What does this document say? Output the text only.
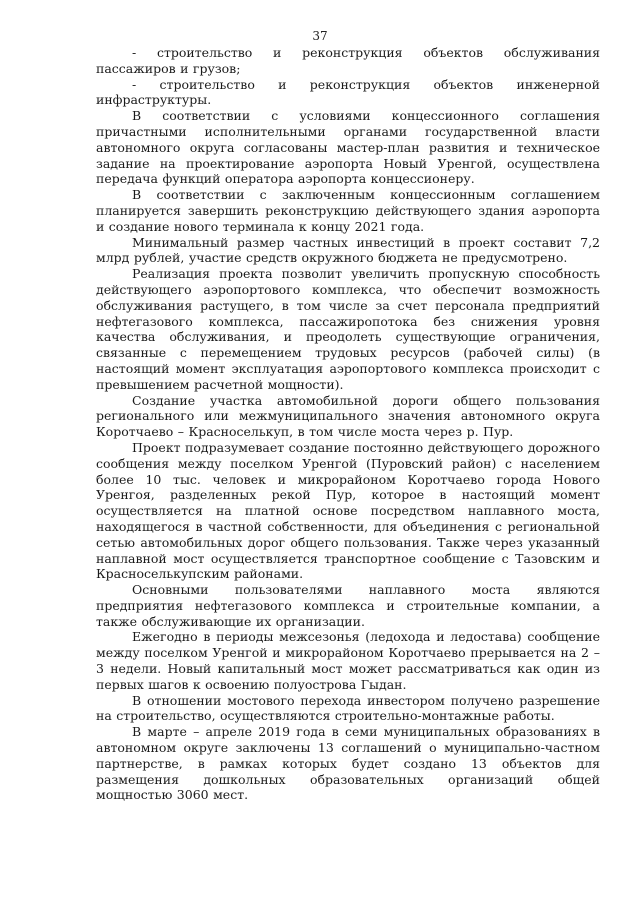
37

- строительство и реконструкция объектов обслуживания пассажиров и грузов;

- строительство и реконструкция объектов инженерной инфраструктуры.

В соответствии с условиями концессионного соглашения причастными исполнительными органами государственной власти автономного округа согласованы мастер-план развития и техническое задание на проектирование аэропорта Новый Уренгой, осуществлена передача функций оператора аэропорта концессионеру.

В соответствии с заключенным концессионным соглашением планируется завершить реконструкцию действующего здания аэропорта и создание нового терминала к концу 2021 года.

Минимальный размер частных инвестиций в проект составит 7,2 млрд рублей, участие средств окружного бюджета не предусмотрено.

Реализация проекта позволит увеличить пропускную способность действующего аэропортового комплекса, что обеспечит возможность обслуживания растущего, в том числе за счет персонала предприятий нефтегазового комплекса, пассажиропотока без снижения уровня качества обслуживания, и преодолеть существующие ограничения, связанные с перемещением трудовых ресурсов (рабочей силы) (в настоящий момент эксплуатация аэропортового комплекса происходит с превышением расчетной мощности).

Создание участка автомобильной дороги общего пользования регионального или межмуниципального значения автономного округа Коротчаево – Красноселькуп, в том числе моста через р. Пур.

Проект подразумевает создание постоянно действующего дорожного сообщения между поселком Уренгой (Пуровский район) с населением более 10 тыс. человек и микрорайоном Коротчаево города Нового Уренгоя, разделенных рекой Пур, которое в настоящий момент осуществляется на платной основе посредством наплавного моста, находящегося в частной собственности, для объединения с региональной сетью автомобильных дорог общего пользования. Также через указанный наплавной мост осуществляется транспортное сообщение с Тазовским и Красноселькупским районами.

Основными пользователями наплавного моста являются предприятия нефтегазового комплекса и строительные компании, а также обслуживающие их организации.

Ежегодно в периоды межсезонья (ледохода и ледостава) сообщение между поселком Уренгой и микрорайоном Коротчаево прерывается на 2 – 3 недели. Новый капитальный мост может рассматриваться как один из первых шагов к освоению полуострова Гыдан.

В отношении мостового перехода инвестором получено разрешение на строительство, осуществляются строительно-монтажные работы.

В марте – апреле 2019 года в семи муниципальных образованиях в автономном округе заключены 13 соглашений о муниципально-частном партнерстве, в рамках которых будет создано 13 объектов для размещения дошкольных образовательных организаций общей мощностью 3060 мест.
